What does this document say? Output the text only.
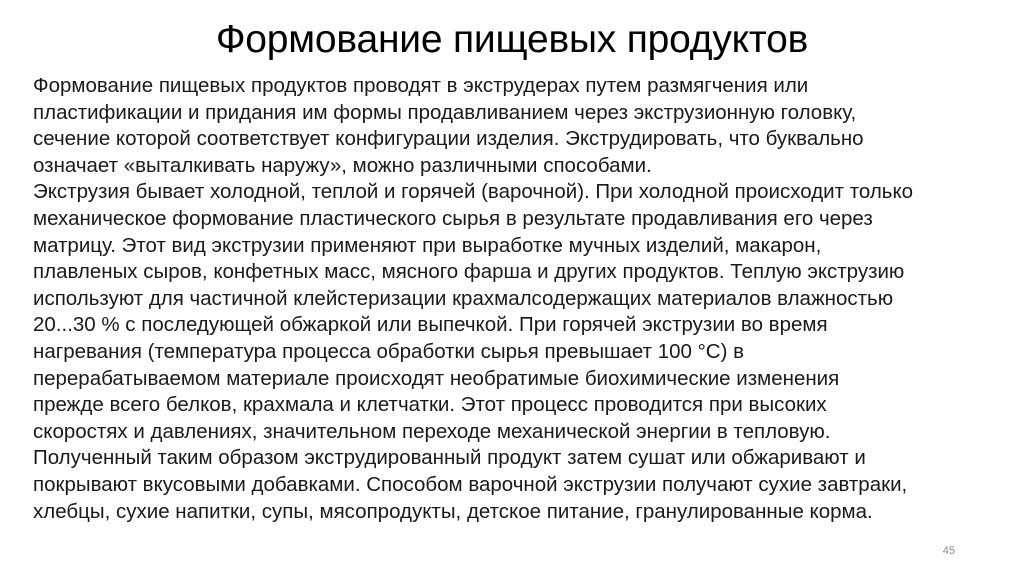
Формование пищевых продуктов
Формование пищевых продуктов проводят в экструдерах путем размягчения или
пластификации и придания им формы продавливанием через экструзионную головку,
сечение которой соответствует конфигурации изделия. Экструдировать, что буквально
означает «выталкивать наружу», можно различными способами.
Экструзия бывает холодной, теплой и горячей (варочной). При холодной происходит только
механическое формование пластического сырья в результате продавливания его через
матрицу. Этот вид экструзии применяют при выработке мучных изделий, макарон,
плавленых сыров, конфетных масс, мясного фарша и других продуктов. Теплую экструзию
используют для частичной клейстеризации крахмалсодержащих материалов влажностью
20...30 % с последующей обжаркой или выпечкой. При горячей экструзии во время
нагревания (температура процесса обработки сырья превышает 100 °С) в
перерабатываемом материале происходят необратимые биохимические изменения
прежде всего белков, крахмала и клетчатки. Этот процесс проводится при высоких
скоростях и давлениях, значительном переходе механической энергии в тепловую.
Полученный таким образом экструдированный продукт затем сушат или обжаривают и
покрывают вкусовыми добавками. Способом варочной экструзии получают сухие завтраки,
хлебцы, сухие напитки, супы, мясопродукты, детское питание, гранулированные корма.
45
